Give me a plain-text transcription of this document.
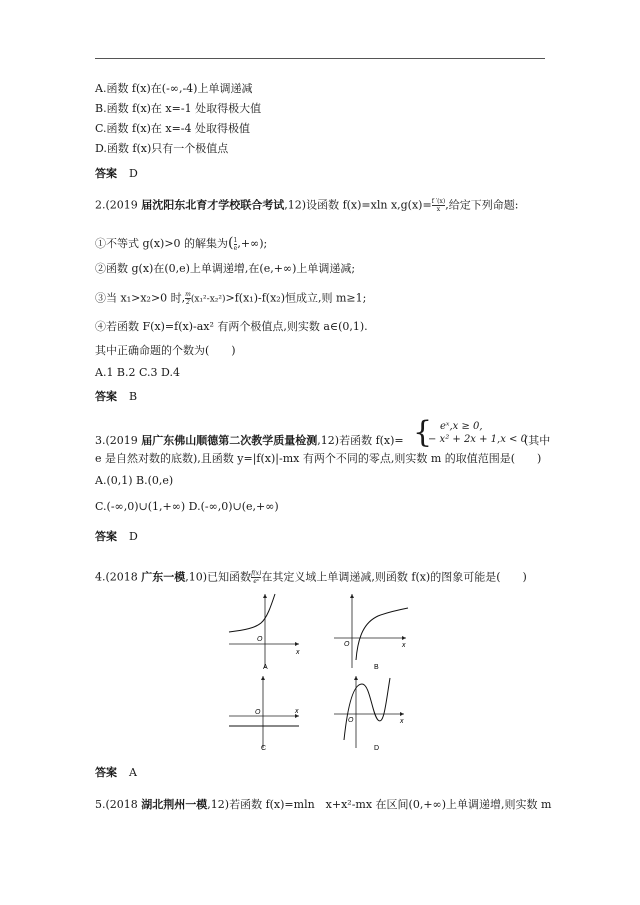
A.函数 f(x)在(-∞,-4)上单调递减
B.函数 f(x)在 x=-1 处取得极大值
C.函数 f(x)在 x=-4 处取得极值
D.函数 f(x)只有一个极值点
答案 D
2.(2019 届沈阳东北育才学校联合考试,12)设函数 f(x)=xln $x,g(x)= \frac{f '(x)}{x}$ ,给定下列命题:
①不等式 g(x)>0 的解集为( $\frac{1}{e}$ ,+∞);
②函数 g(x)在(0,e)上单调递增,在(e,+∞)上单调递减;
③当 x₁>x₂>0 时, $\frac{m}{2} (x_1^2-x_2^2)>f(x_1)-f(x_2)$恒成立,则 m≥1;
④若函数 F(x)=f(x)-ax² 有两个极值点,则实数 a∈(0,1).
其中正确命题的个数为(　　)
A.1 B.2 C.3 D.4
答案 B
3.(2019 届广东佛山顺德第二次教学质量检测,12)若函数 f(x)= { eˣ,x ≥ 0,
− x² + 2x + 1,x < 0
(其中
e 是自然对数的底数),且函数 y=|f(x)|-mx 有两个不同的零点,则实数 m 的取值范围是(　　)
A.(0,1) B.(0,e)
C.(-∞,0)∪(1,+∞) D.(-∞,0)∪(e,+∞)
答案 D
4.(2018 广东一模,10)已知函数 $\frac{f(x)}{\text{eˣ}}$ 在其定义域上单调递减,则函数 f(x)的图象可能是(　　)
O
x
A
O	x
B
O	x
C
O	x
D
答案 A
5.(2018 湖北荆州一模,12)若函数 f(x)=mln　x+x²-mx 在区间(0,+∞)上单调递增,则实数 m
